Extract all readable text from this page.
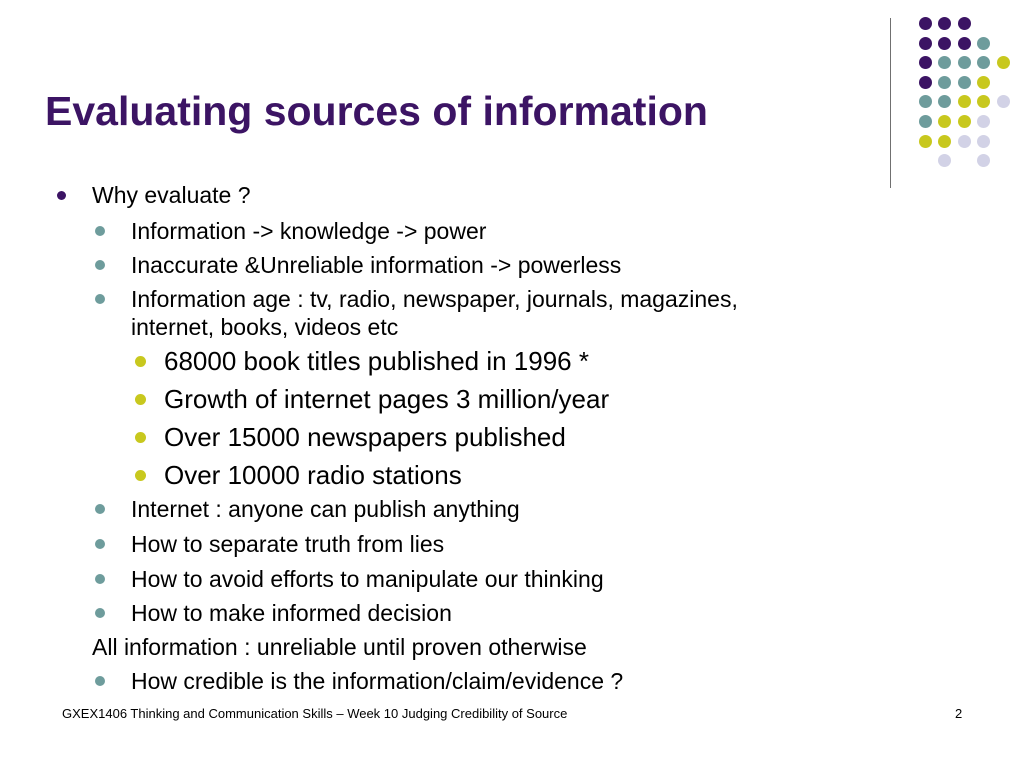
Evaluating sources of information
Why evaluate ?
Information -> knowledge -> power
Inaccurate &Unreliable information -> powerless
Information age : tv, radio, newspaper, journals, magazines,
internet, books, videos etc
68000 book titles published in 1996 *
Growth of internet pages 3 million/year
Over 15000 newspapers published
Over 10000 radio stations
Internet : anyone can publish anything
How to separate truth from lies
How to avoid efforts to manipulate our thinking
How to make informed decision
All information : unreliable until proven otherwise
How credible is the information/claim/evidence ?
GXEX1406 Thinking and Communication Skills – Week 10 Judging Credibility of Source	2
